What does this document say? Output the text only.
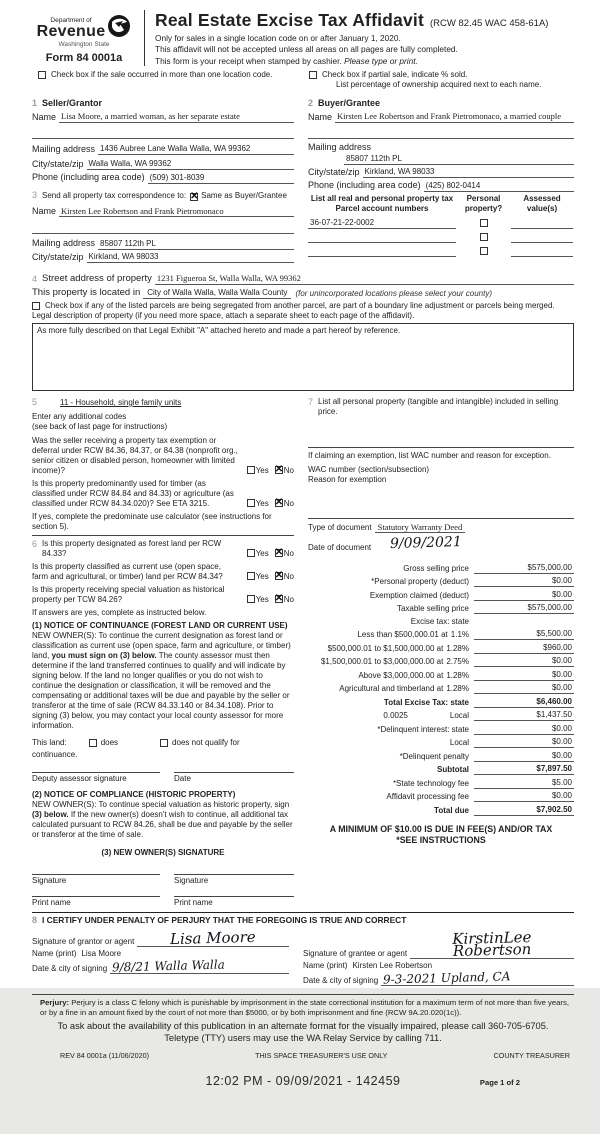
Department of
Revenue
Washington State
Form 84 0001a
Real Estate Excise Tax Affidavit (RCW 82.45 WAC 458-61A)
Only for sales in a single location code on or after January 1, 2020.
This affidavit will not be accepted unless all areas on all pages are fully completed.
This form is your receipt when stamped by cashier. Please type or print.
Check box if the sale occurred in more than one location code.	Check box if partial sale, indicate % sold.
List percentage of ownership acquired next to each name.
1 Seller/Grantor
Name Lisa Moore, a married woman, as her separate estate
Mailing address 1436 Aubree Lane Walla Walla, WA 99362
City/state/zip Walla Walla, WA 99362
Phone (including area code) (509) 301-8039
3 Send all property tax correspondence to:
✕ Same as Buyer/Grantee
Name Kirsten Lee Robertson and Frank Pietromonaco
Mailing address 85807 112th PL
City/state/zip Kirkland, WA 98033
2 Buyer/Grantee
Name Kirsten Lee Robertson and Frank Pietromonaco, a married couple
Mailing address
85807 112th PL
City/state/zip Kirkland, WA 98033
Phone (including area code) (425) 802-0414
List all real and personal property tax
Parcel account numbers
Personal
property?
Assessed
value(s)
36-07-21-22-0002
4 Street address of property 1231 Figueroa St, Walla Walla, WA 99362
This property is located in City of Walla Walla, Walla Walla County	(for unincorporated locations please select your county)
Check box if any of the listed parcels are being segregated from another parcel, are part of a boundary line adjustment or parcels being merged.
Legal description of property (if you need more space, attach a separate sheet to each page of the affidavit).
As more fully described on that Legal Exhibit "A" attached hereto and made a part hereof by reference.
5	11 - Household, single family units
Enter any additional codes
(see back of last page for instructions)
Was the seller receiving a property tax exemption or deferral under RCW 84.36, 84.37, or 84.38 (nonprofit org., senior citizen or disabled person, homeowner with limited income)?	Yes ✕ No
Is this property predominantly used for timber (as classified under RCW 84.84 and 84.33) or agriculture (as classified under RCW 84.34.020)? See ETA 3215.	Yes ✕ No
If yes, complete the predominate use calculator (see instructions for section 5).
6 Is this property designated as forest land per RCW 84.33?	Yes ✕ No
Is this property classified as current use (open space, farm and agricultural, or timber) land per RCW 84.34?	Yes ✕ No
Is this property receiving special valuation as historical property per TCW 84.26?	Yes ✕ No
If answers are yes, complete as instructed below.
(1) NOTICE OF CONTINUANCE (FOREST LAND OR CURRENT USE)
NEW OWNER(S): To continue the current designation as forest land or classification as current use (open space, farm and agriculture, or timber) land, you must sign on (3) below. The county assessor must then determine if the land transferred continues to qualify and will indicate by signing below. If the land no longer qualifies or you do not wish to continue the designation or classification, it will be removed and the compensating or additional taxes will be due and payable by the seller or transferor at the time of sale (RCW 84.33.140 or 84.34.108). Prior to signing (3) below, you may contact your local county assessor for more information.
This land:	does	does not qualify for
continuance.
Deputy assessor signature	Date
(2) NOTICE OF COMPLIANCE (HISTORIC PROPERTY)
NEW OWNER(S): To continue special valuation as historic property, sign (3) below. If the new owner(s) doesn't wish to continue, all additional tax calculated pursuant to RCW 84.26, shall be due and payable by the seller or transferor at the time of sale.
(3) NEW OWNER(S) SIGNATURE
Signature	Signature
Print name	Print name
7 List all personal property (tangible and intangible) included in selling price.
If claiming an exemption, list WAC number and reason for exception.
WAC number (section/subsection)
Reason for exemption
Type of document Statutory Warranty Deed
Date of document 9/09/2021
Gross selling price	$575,000.00
*Personal property (deduct)	$0.00
Exemption claimed (deduct)	$0.00
Taxable selling price	$575,000.00
Excise tax: state
Less than $500,000.01 at 1.1%	$5,500.00
$500,000.01 to $1,500,000.00 at 1.28%	$960.00
$1,500,000.01 to $3,000,000.00 at 2.75%	$0.00
Above $3,000,000.00 at 1.28%	$0.00
Agricultural and timberland at 1.28%	$0.00
Total Excise Tax: state	$6,460.00
0.0025	Local	$1,437.50
*Delinquent interest: state	$0.00
Local	$0.00
*Delinquent penalty	$0.00
Subtotal	$7,897.50
*State technology fee	$5.00
Affidavit processing fee	$0.00
Total due	$7,902.50
A MINIMUM OF $10.00 IS DUE IN FEE(S) AND/OR TAX
*SEE INSTRUCTIONS
8 I CERTIFY UNDER PENALTY OF PERJURY THAT THE FOREGOING IS TRUE AND CORRECT
Signature of grantor or agent	Lisa Moore
Name (print) Lisa Moore
Date & city of signing 9/8/21 Walla Walla
Signature of grantee or agent
KirstinLee Robertson
Name (print) Kirsten Lee Robertson
Date & city of signing 9-3-2021 Upland, CA
Perjury: Perjury is a class C felony which is punishable by imprisonment in the state correctional institution for a maximum term of not more than five years, or by a fine in an amount fixed by the court of not more than $5000, or by both imprisonment and fine (RCW 9A.20.020(1c)).
To ask about the availability of this publication in an alternate format for the visually impaired, please call 360-705-6705.
Teletype (TTY) users may use the WA Relay Service by calling 711.
REV 84 0001a (11/06/2020)	THIS SPACE TREASURER'S USE ONLY	COUNTY TREASURER
12:02 PM - 09/09/2021 - 142459	Page 1 of 2
